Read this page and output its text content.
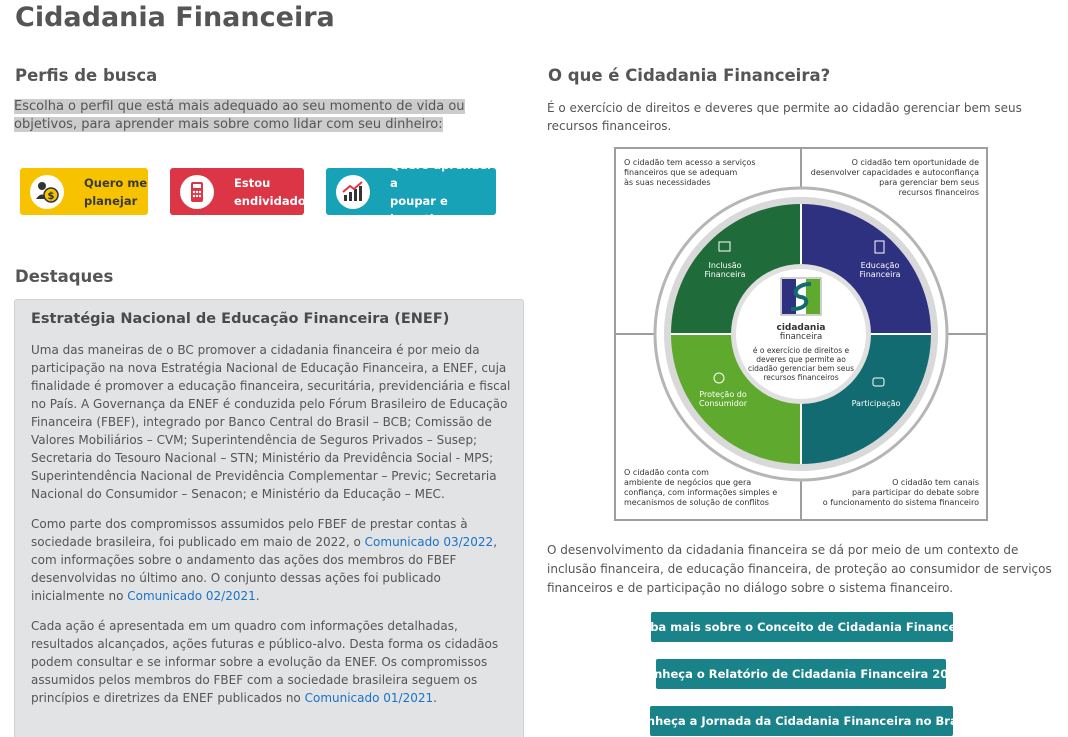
Cidadania Financeira
Perfis de busca
Escolha o perfil que está mais adequado ao seu momento de vida ou objetivos, para aprender mais sobre como lidar com seu dinheiro:
$
Quero me
planejar
Estou
endividado
Quero aprender a
poupar e investir
Destaques
Estratégia Nacional de Educação Financeira (ENEF)

Uma das maneiras de o BC promover a cidadania financeira é por meio da participação na nova Estratégia Nacional de Educação Financeira, a ENEF, cuja finalidade é promover a educação financeira, securitária, previdenciária e fiscal no País. A Governança da ENEF é conduzida pelo Fórum Brasileiro de Educação Financeira (FBEF), integrado por Banco Central do Brasil – BCB; Comissão de Valores Mobiliários – CVM; Superintendência de Seguros Privados – Susep; Secretaria do Tesouro Nacional – STN; Ministério da Previdência Social - MPS; Superintendência Nacional de Previdência Complementar – Previc; Secretaria Nacional do Consumidor – Senacon; e Ministério da Educação – MEC.

Como parte dos compromissos assumidos pelo FBEF de prestar contas à sociedade brasileira, foi publicado em maio de 2022, o Comunicado 03/2022, com informações sobre o andamento das ações dos membros do FBEF desenvolvidas no último ano. O conjunto dessas ações foi publicado inicialmente no Comunicado 02/2021.

Cada ação é apresentada em um quadro com informações detalhadas, resultados alcançados, ações futuras e público-alvo. Desta forma os cidadãos podem consultar e se informar sobre a evolução da ENEF. Os compromissos assumidos pelos membros do FBEF com a sociedade brasileira seguem os princípios e diretrizes da ENEF publicados no Comunicado 01/2021.

O que é Cidadania Financeira?
É o exercício de direitos e deveres que permite ao cidadão gerenciar bem seus recursos financeiros.
O cidadão tem acesso a serviços
financeiros que se adequam
às suas necessidades
O cidadão tem oportunidade de
desenvolver capacidades e autoconfiança
para gerenciar bem seus
recursos financeiros
O cidadão conta com
ambiente de negócios que gera
confiança, com informações simples e
mecanismos de solução de conflitos
O cidadão tem canais
para participar do debate sobre
o funcionamento do sistema financeiro
Inclusão
Financeira
Educação
Financeira
Proteção do
Consumidor	Participação
cidadania
financeira
é o exercício de direitos e
deveres que permite ao
cidadão gerenciar bem seus
recursos financeiros
O desenvolvimento da cidadania financeira se dá por meio de um contexto de inclusão financeira, de educação financeira, de proteção ao consumidor de serviços financeiros e de participação no diálogo sobre o sistema financeiro.
Saiba mais sobre o Conceito de Cidadania Financeira
Conheça o Relatório de Cidadania Financeira 2021
Conheça a Jornada da Cidadania Financeira no Brasil
